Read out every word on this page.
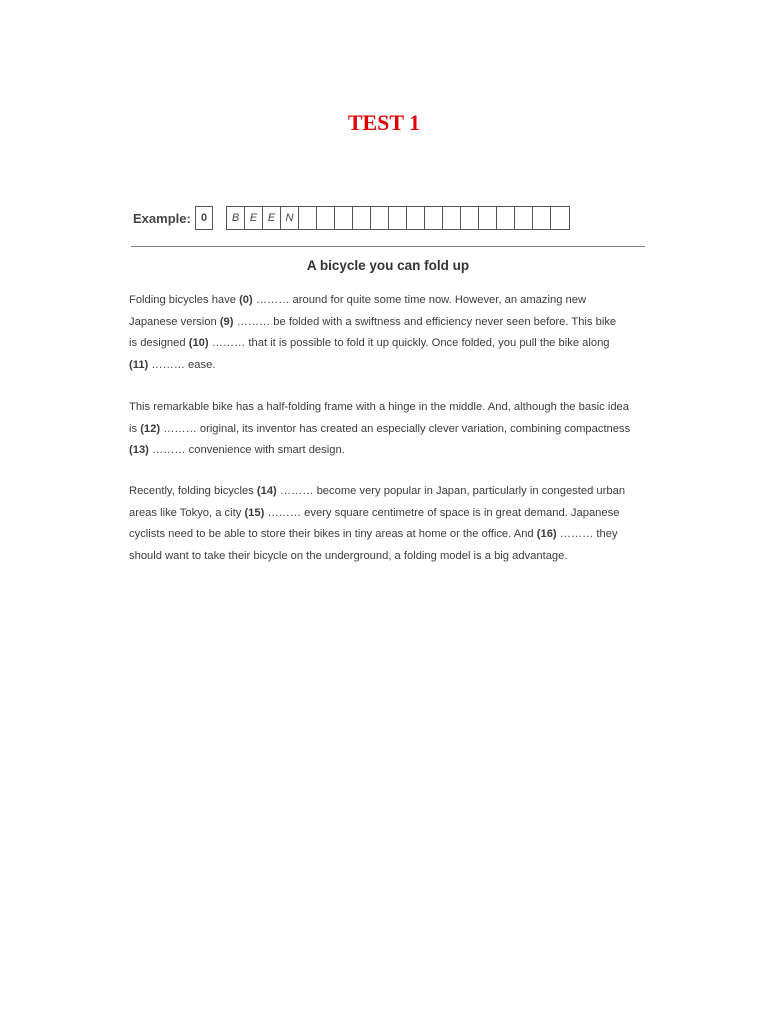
TEST 1
Example: 0	B E E N
A bicycle you can fold up
Folding bicycles have (0) ……… around for quite some time now. However, an amazing new
Japanese version (9) ……… be folded with a swiftness and efficiency never seen before. This bike
is designed (10) ……… that it is possible to fold it up quickly. Once folded, you pull the bike along
(11) ……… ease.
This remarkable bike has a half-folding frame with a hinge in the middle. And, although the basic idea
is (12) ……… original, its inventor has created an especially clever variation, combining compactness
(13) ……… convenience with smart design.
Recently, folding bicycles (14) ……… become very popular in Japan, particularly in congested urban
areas like Tokyo, a city (15) ……… every square centimetre of space is in great demand. Japanese
cyclists need to be able to store their bikes in tiny areas at home or the office. And (16) ……… they
should want to take their bicycle on the underground, a folding model is a big advantage.
